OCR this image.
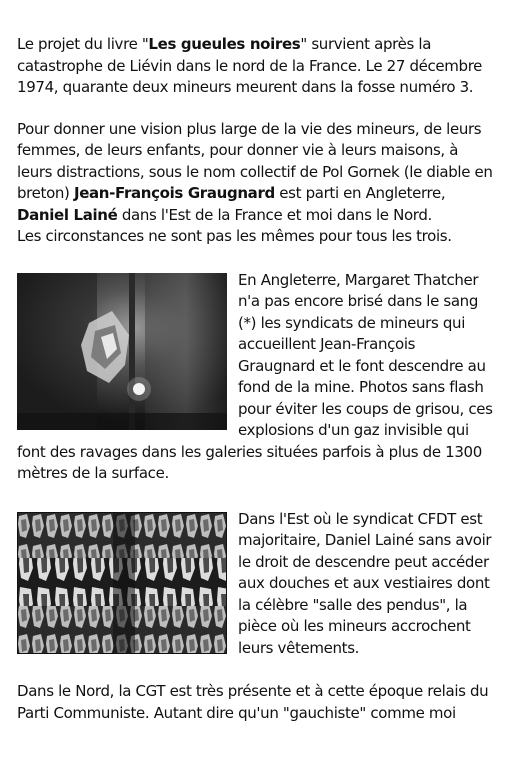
Le projet du livre "Les gueules noires" survient après la catastrophe de Liévin dans le nord de la France. Le 27 décembre 1974, quarante deux mineurs meurent dans la fosse numéro 3.

Pour donner une vision plus large de la vie des mineurs, de leurs femmes, de leurs enfants, pour donner vie à leurs maisons, à leurs distractions, sous le nom collectif de Pol Gornek (le diable en breton) Jean-François Graugnard est parti en Angleterre, Daniel Lainé dans l'Est de la France et moi dans le Nord.
Les circonstances ne sont pas les mêmes pour tous les trois.

En Angleterre, Margaret Thatcher n'a pas encore brisé dans le sang (*) les syndicats de mineurs qui accueillent Jean-François Graugnard et le font descendre au fond de la mine. Photos sans flash pour éviter les coups de grisou, ces explosions d'un gaz invisible qui font des ravages dans les galeries situées parfois à plus de 1300 mètres de la surface.

Dans l'Est où le syndicat CFDT est majoritaire, Daniel Lainé sans avoir le droit de descendre peut accéder aux douches et aux vestiaires dont la célèbre "salle des pendus", la pièce où les mineurs accrochent leurs vêtements.

Dans le Nord, la CGT est très présente et à cette époque relais du Parti Communiste. Autant dire qu'un "gauchiste" comme moi
